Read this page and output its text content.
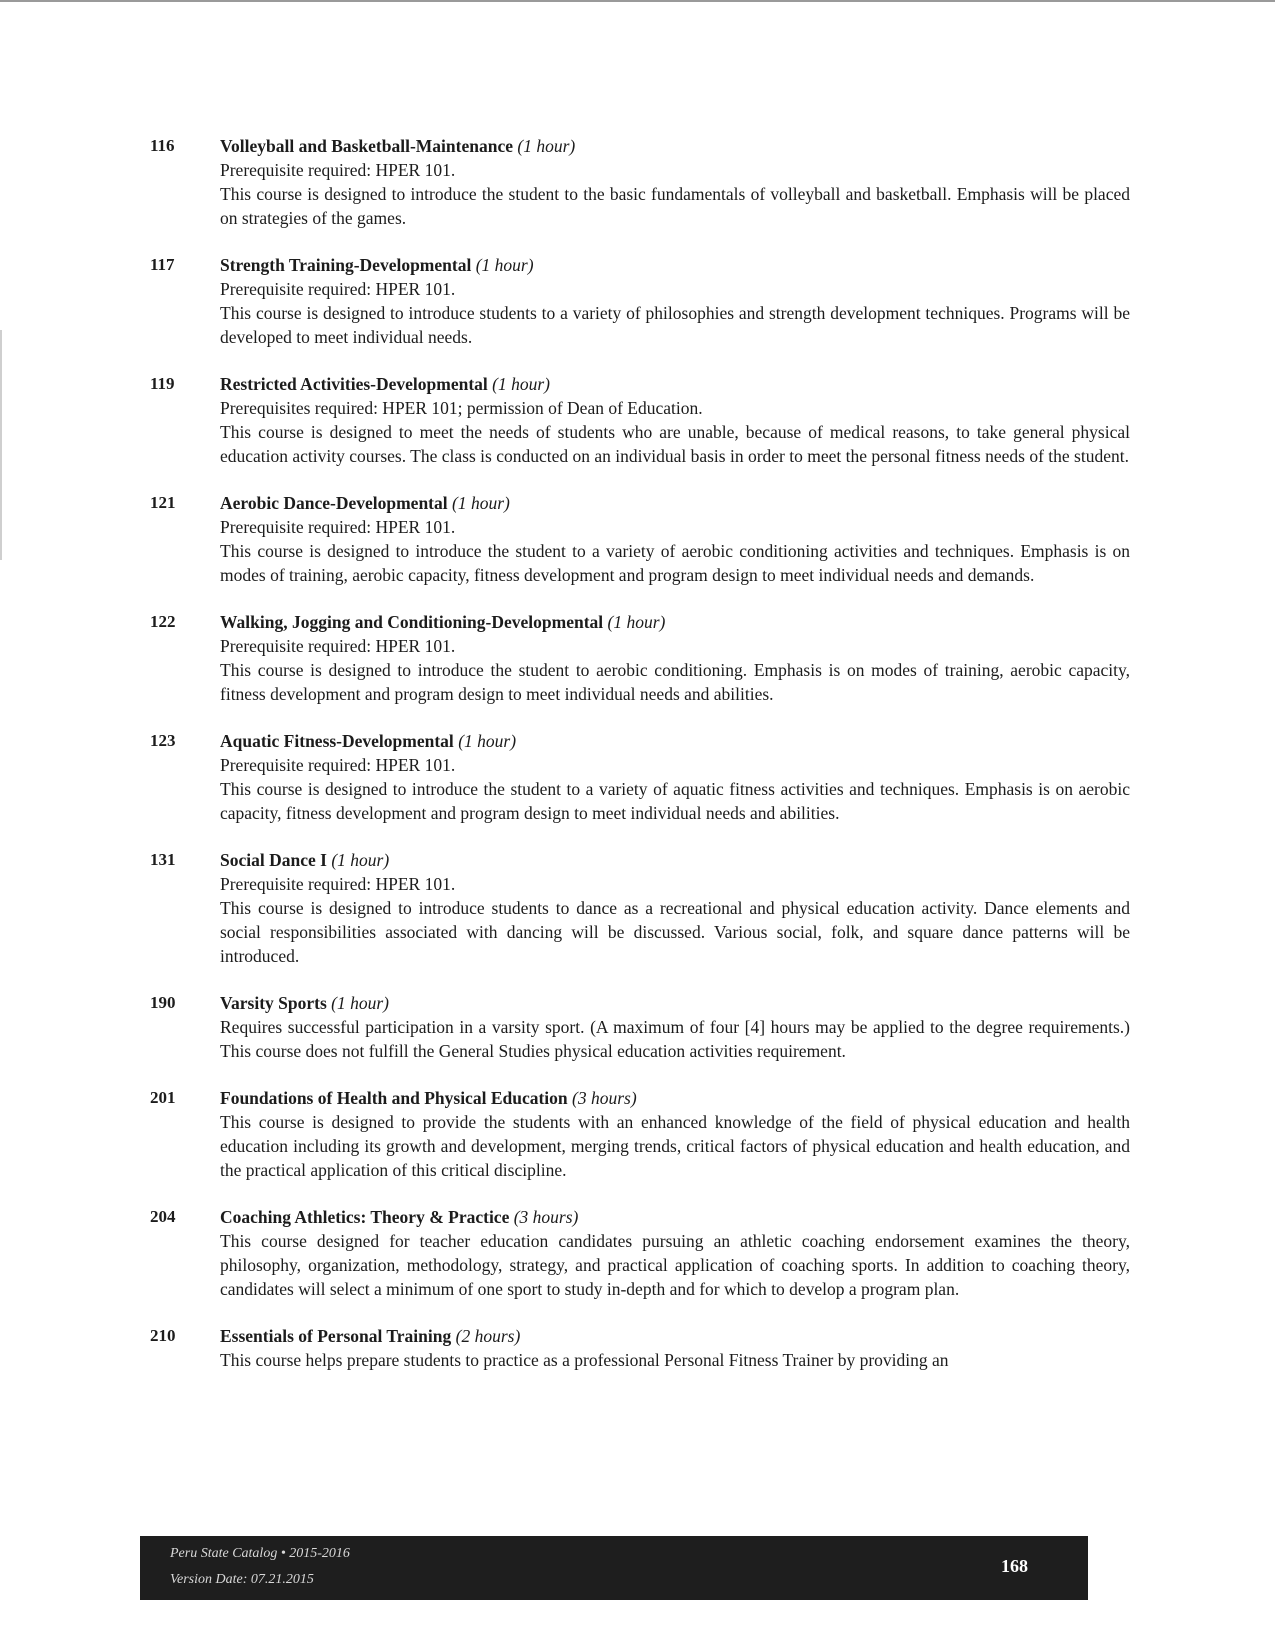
116	Volleyball and Basketball-Maintenance (1 hour)
Prerequisite required: HPER 101.
This course is designed to introduce the student to the basic fundamentals of volleyball and basketball. Emphasis will be placed on strategies of the games.
117	Strength Training-Developmental (1 hour)
Prerequisite required: HPER 101.
This course is designed to introduce students to a variety of philosophies and strength development techniques. Programs will be developed to meet individual needs.
119	Restricted Activities-Developmental (1 hour)
Prerequisites required: HPER 101; permission of Dean of Education.
This course is designed to meet the needs of students who are unable, because of medical reasons, to take general physical education activity courses. The class is conducted on an individual basis in order to meet the personal fitness needs of the student.
121	Aerobic Dance-Developmental (1 hour)
Prerequisite required: HPER 101.
This course is designed to introduce the student to a variety of aerobic conditioning activities and techniques. Emphasis is on modes of training, aerobic capacity, fitness development and program design to meet individual needs and demands.
122	Walking, Jogging and Conditioning-Developmental (1 hour)
Prerequisite required: HPER 101.
This course is designed to introduce the student to aerobic conditioning. Emphasis is on modes of training, aerobic capacity, fitness development and program design to meet individual needs and abilities.
123	Aquatic Fitness-Developmental (1 hour)
Prerequisite required: HPER 101.
This course is designed to introduce the student to a variety of aquatic fitness activities and techniques. Emphasis is on aerobic capacity, fitness development and program design to meet individual needs and abilities.
131	Social Dance I (1 hour)
Prerequisite required: HPER 101.
This course is designed to introduce students to dance as a recreational and physical education activity. Dance elements and social responsibilities associated with dancing will be discussed. Various social, folk, and square dance patterns will be introduced.
190	Varsity Sports (1 hour)
Requires successful participation in a varsity sport. (A maximum of four [4] hours may be applied to the degree requirements.) This course does not fulfill the General Studies physical education activities requirement.
201	Foundations of Health and Physical Education (3 hours)
This course is designed to provide the students with an enhanced knowledge of the field of physical education and health education including its growth and development, merging trends, critical factors of physical education and health education, and the practical application of this critical discipline.
204	Coaching Athletics: Theory & Practice (3 hours)
This course designed for teacher education candidates pursuing an athletic coaching endorsement examines the theory, philosophy, organization, methodology, strategy, and practical application of coaching sports. In addition to coaching theory, candidates will select a minimum of one sport to study in-depth and for which to develop a program plan.
210	Essentials of Personal Training (2 hours)
This course helps prepare students to practice as a professional Personal Fitness Trainer by providing an
Peru State Catalog • 2015-2016
Version Date: 07.21.2015
168
